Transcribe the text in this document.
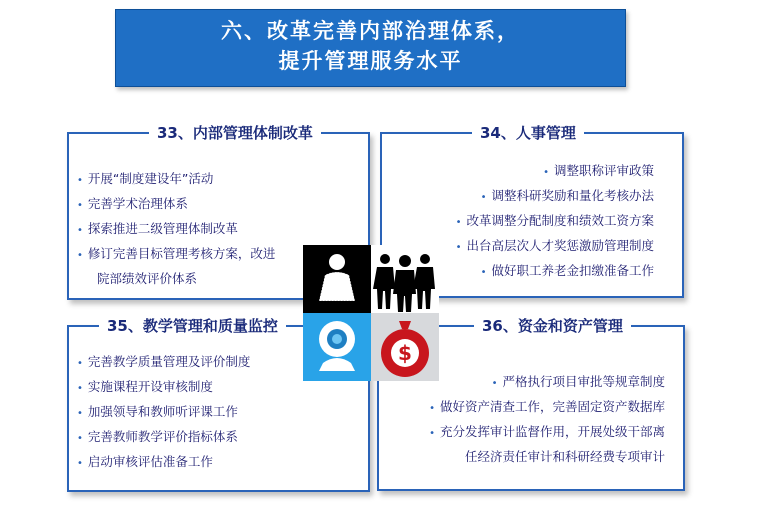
六、改革完善内部治理体系，
提升管理服务水平
33、内部管理体制改革
• 开展“制度建设年”活动
• 完善学术治理体系
• 探索推进二级管理体制改革
• 修订完善目标管理考核方案，改进
院部绩效评价体系
34、人事管理
• 调整职称评审政策
• 调整科研奖励和量化考核办法
• 改革调整分配制度和绩效工资方案
• 出台高层次人才奖惩激励管理制度
• 做好职工养老金扣缴准备工作
35、教学管理和质量监控
• 完善教学质量管理及评价制度
• 实施课程开设审核制度
• 加强领导和教师听评课工作
• 完善教师教学评价指标体系
• 启动审核评估准备工作
36、资金和资产管理
• 严格执行项目审批等规章制度
• 做好资产清查工作，完善固定资产数据库
• 充分发挥审计监督作用，开展处级干部离
任经济责任审计和科研经费专项审计
$
